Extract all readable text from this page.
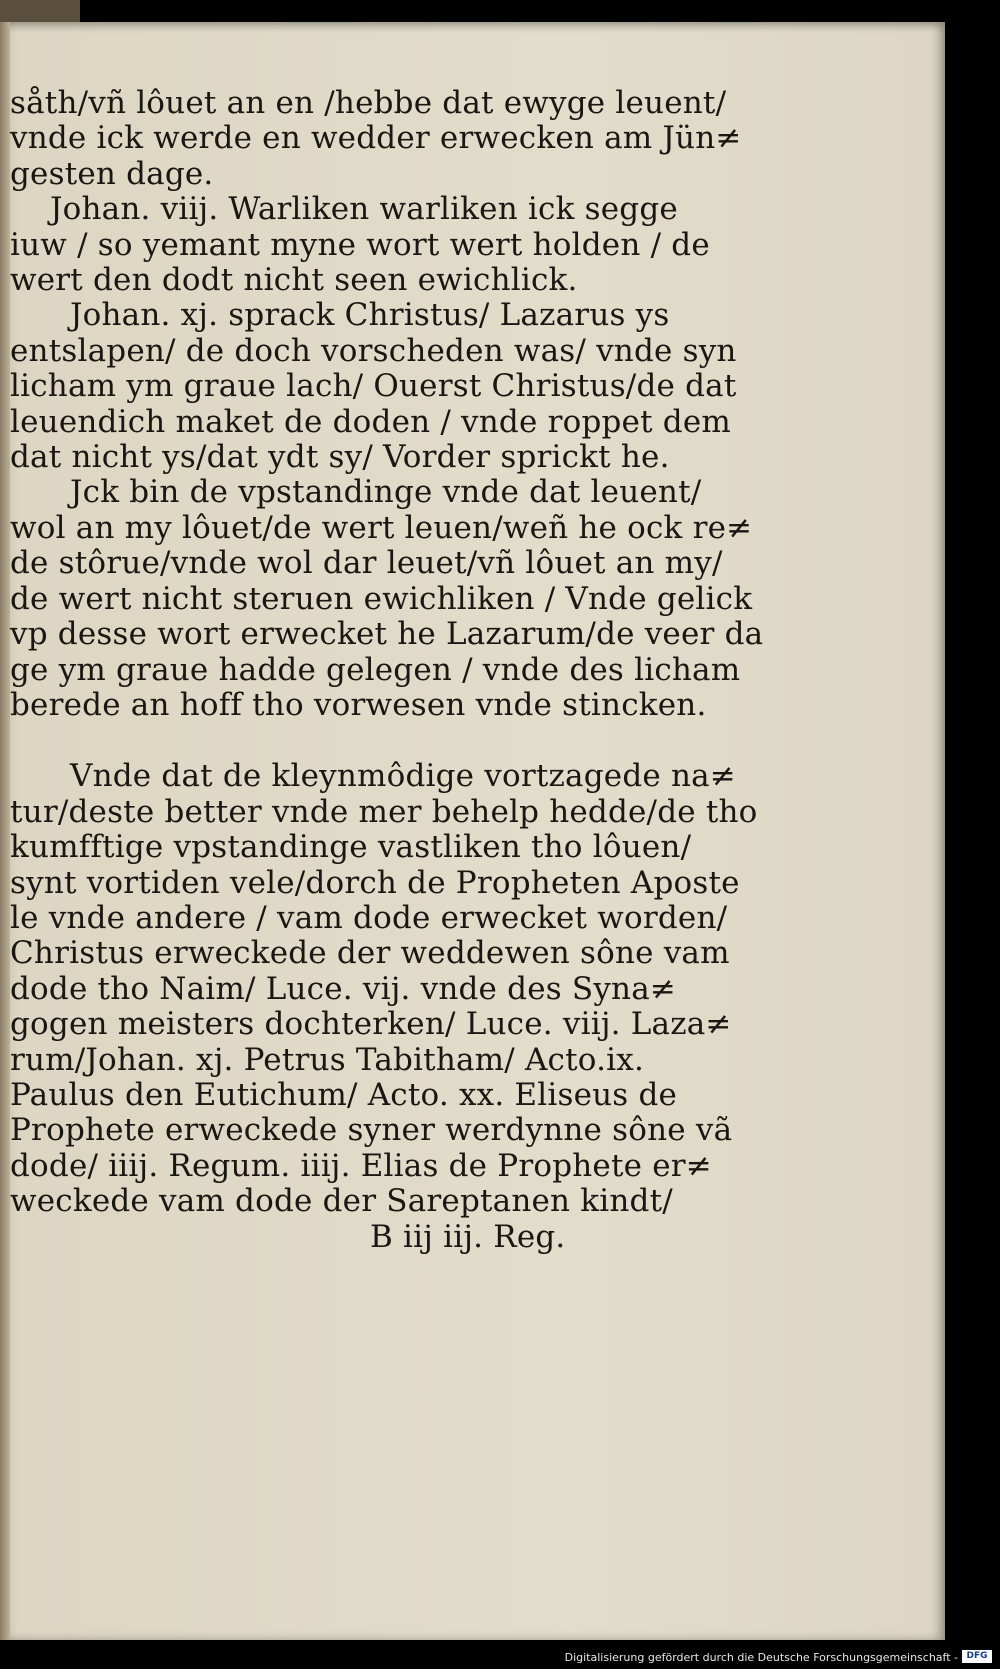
såth/vñ lôuet an en /hebbe dat ewyge leuent/
vnde ick werde en wedder erwecken am Jün≠
gesten dage.
Johan. viij. Warliken warliken ick segge
iuw / so yemant myne wort wert holden / de
wert den dodt nicht seen ewichlick.
Johan. xj. sprack Christus/ Lazarus ys
entslapen/ de doch vorscheden was/ vnde syn
licham ym graue lach/ Ouerst Christus/de dat
leuendich maket de doden / vnde roppet dem
dat nicht ys/dat ydt sy/ Vorder sprickt he.
Jck bin de vpstandinge vnde dat leuent/
wol an my lôuet/de wert leuen/weñ he ock re≠
de stôrue/vnde wol dar leuet/vñ lôuet an my/
de wert nicht steruen ewichliken / Vnde gelick
vp desse wort erwecket he Lazarum/de veer da
ge ym graue hadde gelegen / vnde des licham
berede an hoff tho vorwesen vnde stincken.
Vnde dat de kleynmôdige vortzagede na≠
tur/deste better vnde mer behelp hedde/de tho
kumfftige vpstandinge vastliken tho lôuen/
synt vortiden vele/dorch de Propheten Aposte
le vnde andere / vam dode erwecket worden/
Christus erweckede der weddewen sône vam
dode tho Naim/ Luce. vij. vnde des Syna≠
gogen meisters dochterken/ Luce. viij. Laza≠
rum/Johan. xj. Petrus Tabitham/ Acto.ix.
Paulus den Eutichum/ Acto. xx. Eliseus de
Prophete erweckede syner werdynne sône vã
dode/ iiij. Regum. iiij. Elias de Prophete er≠
weckede vam dode der Sareptanen kindt/
B iij iij. Reg.
Digitalisierung gefördert durch die Deutsche Forschungsgemeinschaft - DFG
